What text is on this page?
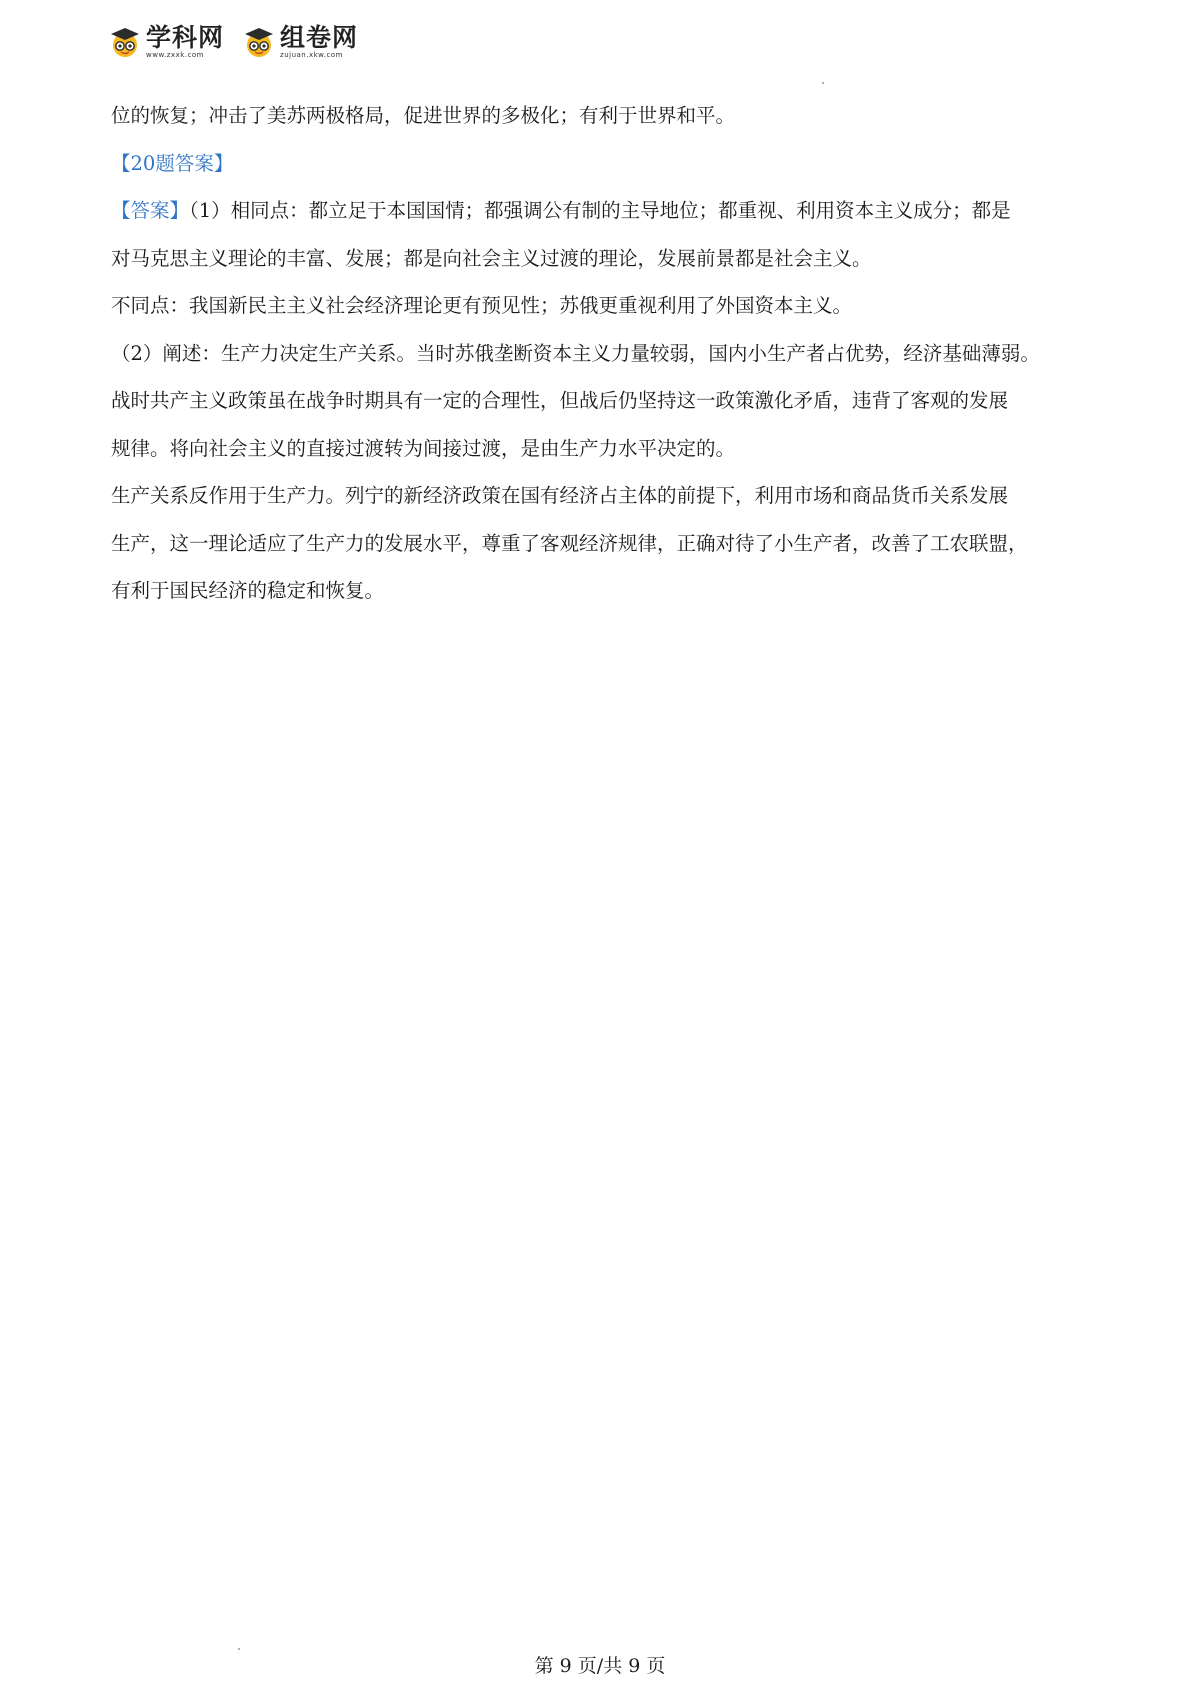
学科网
www.zxxk.com
组卷网
zujuan.xkw.com
位的恢复；冲击了美苏两极格局，促进世界的多极化；有利于世界和平。
【20题答案】
【答案】（1）相同点：都立足于本国国情；都强调公有制的主导地位；都重视、利用资本主义成分；都是
对马克思主义理论的丰富、发展；都是向社会主义过渡的理论，发展前景都是社会主义。
不同点：我国新民主主义社会经济理论更有预见性；苏俄更重视利用了外国资本主义。
（2）阐述：生产力决定生产关系。当时苏俄垄断资本主义力量较弱，国内小生产者占优势，经济基础薄弱。
战时共产主义政策虽在战争时期具有一定的合理性，但战后仍坚持这一政策激化矛盾，违背了客观的发展
规律。将向社会主义的直接过渡转为间接过渡，是由生产力水平决定的。
生产关系反作用于生产力。列宁的新经济政策在国有经济占主体的前提下，利用市场和商品货币关系发展
生产，这一理论适应了生产力的发展水平，尊重了客观经济规律，正确对待了小生产者，改善了工农联盟，
有利于国民经济的稳定和恢复。
第 9 页/共 9 页
